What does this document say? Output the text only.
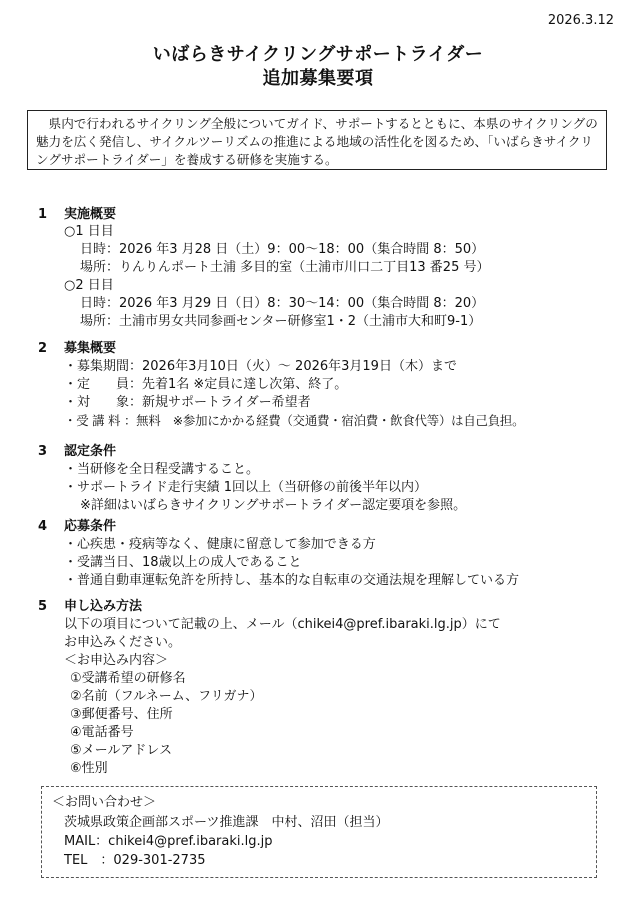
2026.3.12
いばらきサイクリングサポートライダー
追加募集要項
県内で行われるサイクリング全般についてガイド、サポートするとともに、本県のサイクリングの魅力を広く発信し、サイクルツーリズムの推進による地域の活性化を図るため、「いばらきサイクリングサポートライダー」を養成する研修を実施する。
1	実施概要
○1 日目
日時：2026 年3 月28 日（土）9：00～18：00（集合時間 8：50）
場所：りんりんポート土浦 多目的室（土浦市川口二丁目13 番25 号）
○2 日目
日時：2026 年3 月29 日（日）8：30～14：00（集合時間 8：20）
場所：土浦市男女共同参画センター研修室1・2（土浦市大和町9-1）
2	募集概要
・ 募集期間：2026年3月10日（火）～ 2026年3月19日（木）まで
・ 定　　員：先着1名 ※定員に達し次第、終了。
・ 対　　象：新規サポートライダー希望者
・ 受 講 料 ：無料　※参加にかかる経費（交通費・宿泊費・飲食代等）は自己負担。
3	認定条件
・ 当研修を全日程受講すること。
・ サポートライド走行実績 1回以上（当研修の前後半年以内）
※詳細はいばらきサイクリングサポートライダー認定要項を参照。
4	応募条件
・ 心疾患・疫病等なく、健康に留意して参加できる方
・ 受講当日、18歳以上の成人であること
・ 普通自動車運転免許を所持し、基本的な自転車の交通法規を理解している方
5	申し込み方法
以下の項目について記載の上、メール（chikei4@pref.ibaraki.lg.jp）にて
お申込みください。
＜お申込み内容＞
①受講希望の研修名
②名前（フルネーム、フリガナ）
③郵便番号、住所
④電話番号
⑤メールアドレス
⑥性別
＜お問い合わせ＞
茨城県政策企画部スポーツ推進課　中村、沼田（担当）
MAIL：chikei4@pref.ibaraki.lg.jp
TEL　：029-301-2735
